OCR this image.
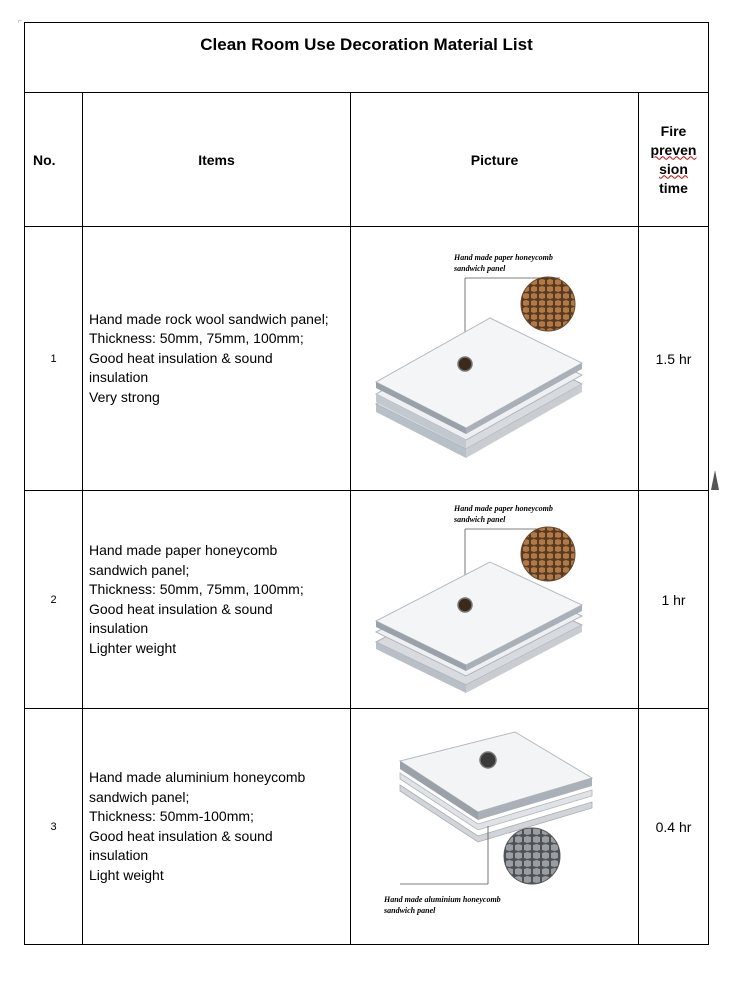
⌐
Clean Room Use Decoration Material List
No.	Items	Picture
Fire
preven
sion
time
1
Hand made rock wool sandwich panel;
Thickness: 50mm, 75mm, 100mm;
Good heat insulation & sound
insulation
Very strong
Hand made paper honeycomb
sandwich panel
1.5 hr
2
Hand made paper honeycomb
sandwich panel;
Thickness: 50mm, 75mm, 100mm;
Good heat insulation & sound
insulation
Lighter weight
Hand made paper honeycomb
sandwich panel
1 hr
3
Hand made aluminium honeycomb
sandwich panel;
Thickness: 50mm-100mm;
Good heat insulation & sound
insulation
Light weight
Hand made aluminium honeycomb
sandwich panel
0.4 hr
